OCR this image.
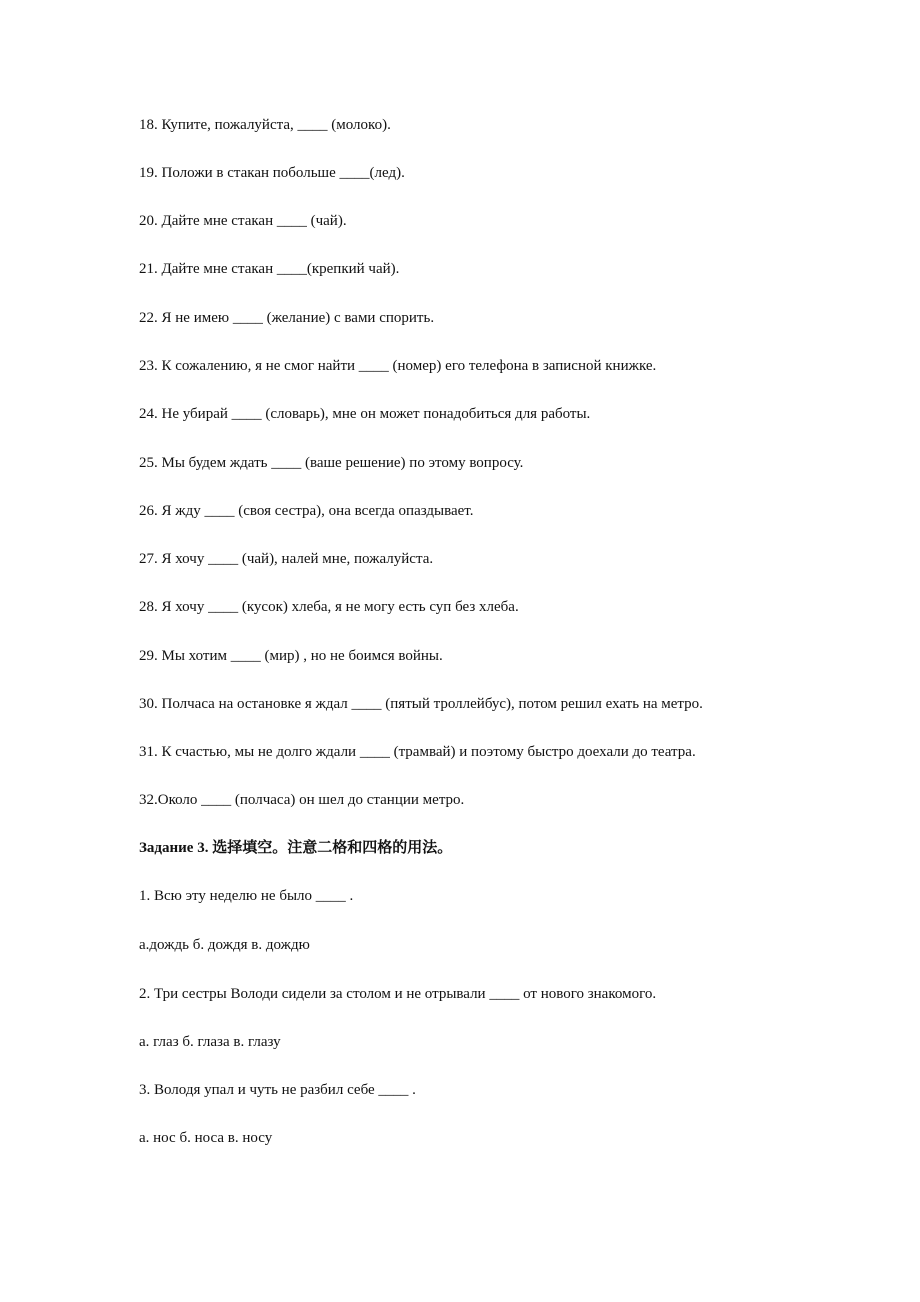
18. Купите, пожалуйста, ____ (молоко).
19. Положи в стакан побольше ____(лед).
20. Дайте мне стакан ____ (чай).
21. Дайте мне стакан ____(крепкий чай).
22. Я не имею ____ (желание) с вами спорить.
23. К сожалению, я не смог найти ____ (номер) его телефона в записной книжке.
24. Не убирай ____ (словарь), мне он может понадобиться для работы.
25. Мы будем ждать ____ (ваше решение) по этому вопросу.
26. Я жду ____ (своя сестра), она всегда опаздывает.
27. Я хочу ____ (чай), налей мне, пожалуйста.
28. Я хочу ____ (кусок) хлеба, я не могу есть суп без хлеба.
29. Мы хотим ____ (мир) , но не боимся войны.
30. Полчаса на остановке я ждал ____ (пятый троллейбус), потом решил ехать на метро.
31. К счастью, мы не долго ждали ____ (трамвай) и поэтому быстро доехали до театра.
32.Около ____ (полчаса) он шел до станции метро.
Задание 3. 选择填空。注意二格和四格的用法。
1. Всю эту неделю не было ____ .
а.дождь б. дождя в. дождю
2. Три сестры Володи сидели за столом и не отрывали ____ от нового знакомого.
а. глаз б. глаза в. глазу
3. Володя упал и чуть не разбил себе ____ .
а. нос б. носа в. носу
